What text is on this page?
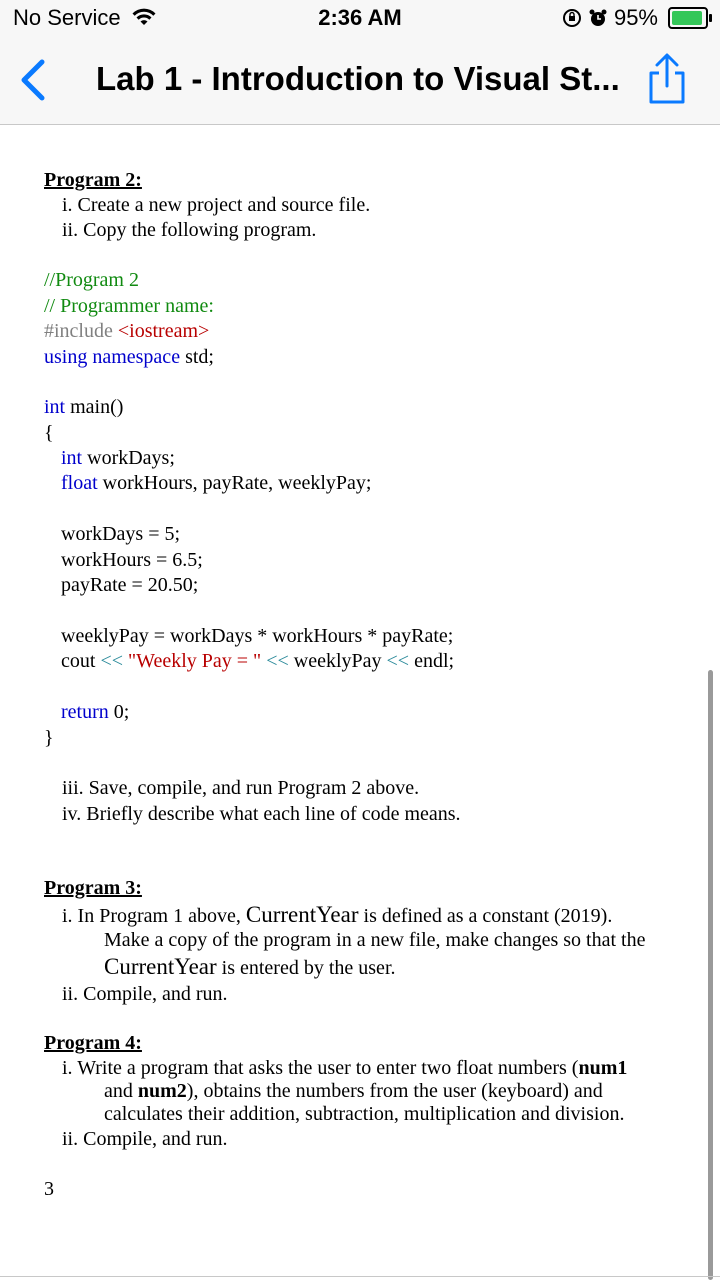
No Service	2:36 AM	95%
Lab 1 - Introduction to Visual St...
Program 2:
i. Create a new project and source file.
ii. Copy the following program.
//Program 2
// Programmer name:
#include <iostream>
using namespace std;
int main()
{
int workDays;
float workHours, payRate, weeklyPay;
workDays = 5;
workHours = 6.5;
payRate = 20.50;
weeklyPay = workDays * workHours * payRate;
cout << "Weekly Pay = " << weeklyPay << endl;
return 0;
}
iii. Save, compile, and run Program 2 above.
iv. Briefly describe what each line of code means.
Program 3:
i. In Program 1 above, CurrentYear is defined as a constant (2019).
Make a copy of the program in a new file, make changes so that the
CurrentYear is entered by the user.
ii. Compile, and run.
Program 4:
i. Write a program that asks the user to enter two float numbers (num1
and num2), obtains the numbers from the user (keyboard) and
calculates their addition, subtraction, multiplication and division.
ii. Compile, and run.
3
